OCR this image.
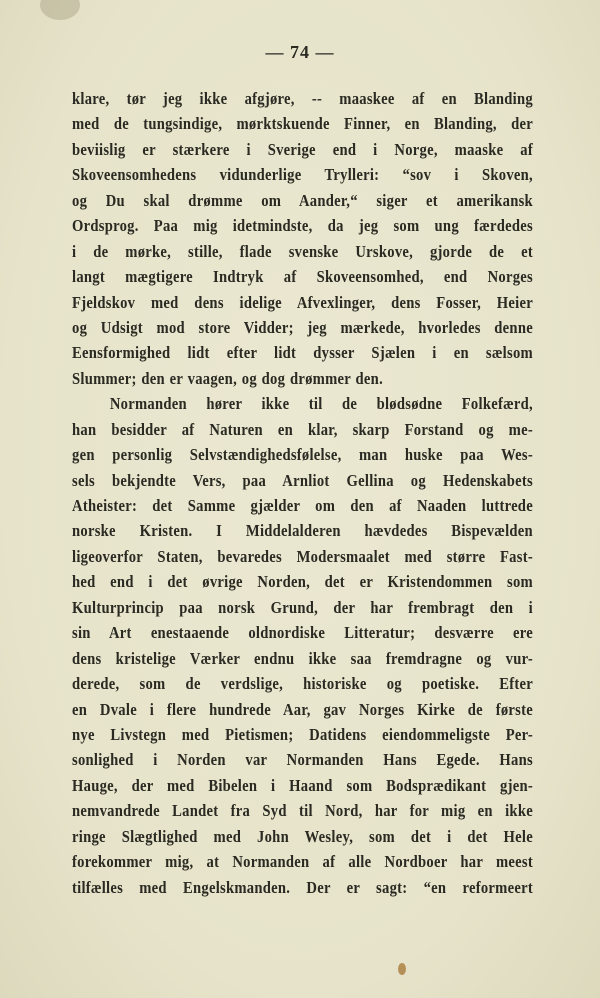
— 74 —
klare, tør jeg ikke afgjøre, -- maaskee af en Blanding
med de tungsindige, mørktskuende Finner, en Blanding, der
beviislig er stærkere i Sverige end i Norge, maaske af
Skoveensomhedens vidunderlige Trylleri: “sov i Skoven,
og Du skal drømme om Aander,“ siger et amerikansk
Ordsprog. Paa mig idetmindste, da jeg som ung færdedes
i de mørke, stille, flade svenske Urskove, gjorde de et
langt mægtigere Indtryk af Skoveensomhed, end Norges
Fjeldskov med dens idelige Afvexlinger, dens Fosser, Heier
og Udsigt mod store Vidder; jeg mærkede, hvorledes denne
Eensformighed lidt efter lidt dysser Sjælen i en sælsom
Slummer; den er vaagen, og dog drømmer den.
Normanden hører ikke til de blødsødne Folkefærd,
han besidder af Naturen en klar, skarp Forstand og me-
gen personlig Selvstændighedsfølelse, man huske paa Wes-
sels bekjendte Vers, paa Arnliot Gellina og Hedenskabets
Atheister: det Samme gjælder om den af Naaden luttrede
norske Kristen. I Middelalderen hævdedes Bispevælden
ligeoverfor Staten, bevaredes Modersmaalet med større Fast-
hed end i det øvrige Norden, det er Kristendommen som
Kulturprincip paa norsk Grund, der har frembragt den i
sin Art enestaaende oldnordiske Litteratur; desværre ere
dens kristelige Værker endnu ikke saa fremdragne og vur-
derede, som de verdslige, historiske og poetiske. Efter
en Dvale i flere hundrede Aar, gav Norges Kirke de første
nye Livstegn med Pietismen; Datidens eiendommeligste Per-
sonlighed i Norden var Normanden Hans Egede. Hans
Hauge, der med Bibelen i Haand som Bodsprædikant gjen-
nemvandrede Landet fra Syd til Nord, har for mig en ikke
ringe Slægtlighed med John Wesley, som det i det Hele
forekommer mig, at Normanden af alle Nordboer har meest
tilfælles med Engelskmanden. Der er sagt: “en reformeert
